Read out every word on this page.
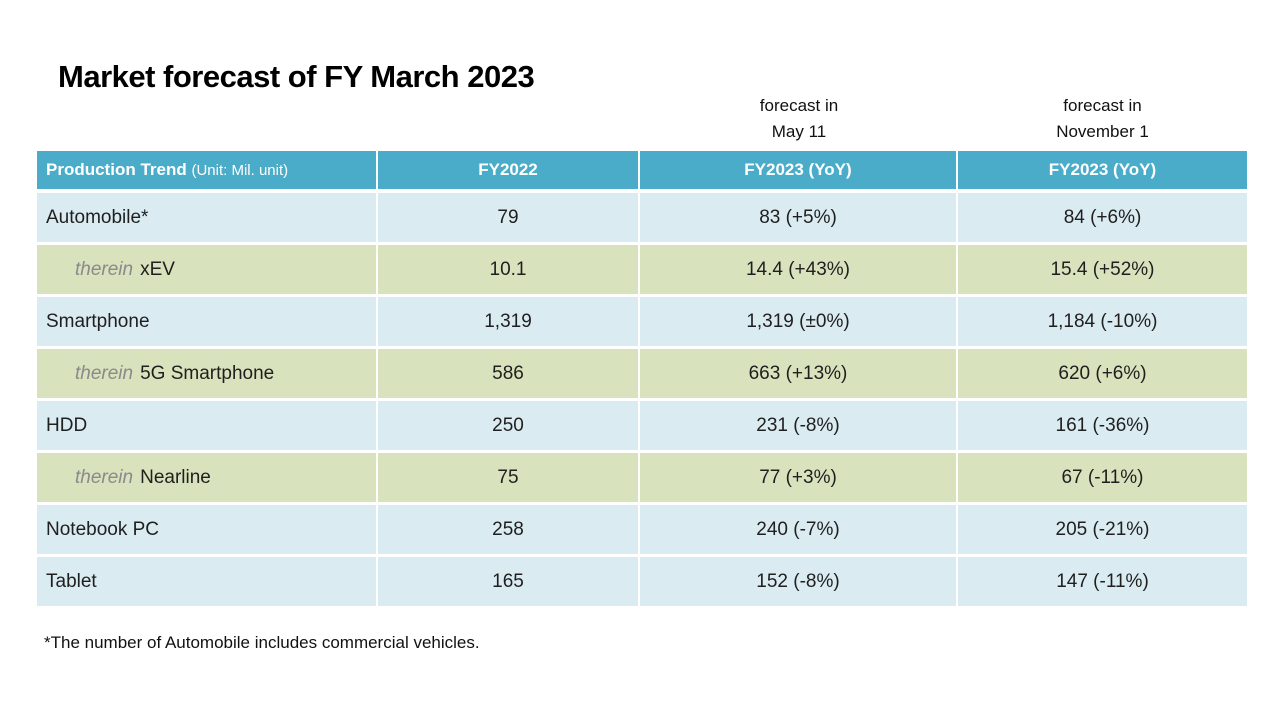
Market forecast of FY March 2023
forecast in
May 11
forecast in
November 1
Production Trend (Unit: Mil. unit)	FY2022	FY2023 (YoY)	FY2023 (YoY)
Automobile*	79	83 (+5%)	84 (+6%)
therein xEV	10.1	14.4 (+43%)	15.4 (+52%)
Smartphone	1,319	1,319 (±0%)	1,184 (-10%)
therein 5G Smartphone	586	663 (+13%)	620 (+6%)
HDD	250	231 (-8%)	161 (-36%)
therein Nearline	75	77 (+3%)	67 (-11%)
Notebook PC	258	240 (-7%)	205 (-21%)
Tablet	165	152 (-8%)	147 (-11%)
*The number of Automobile includes commercial vehicles.
